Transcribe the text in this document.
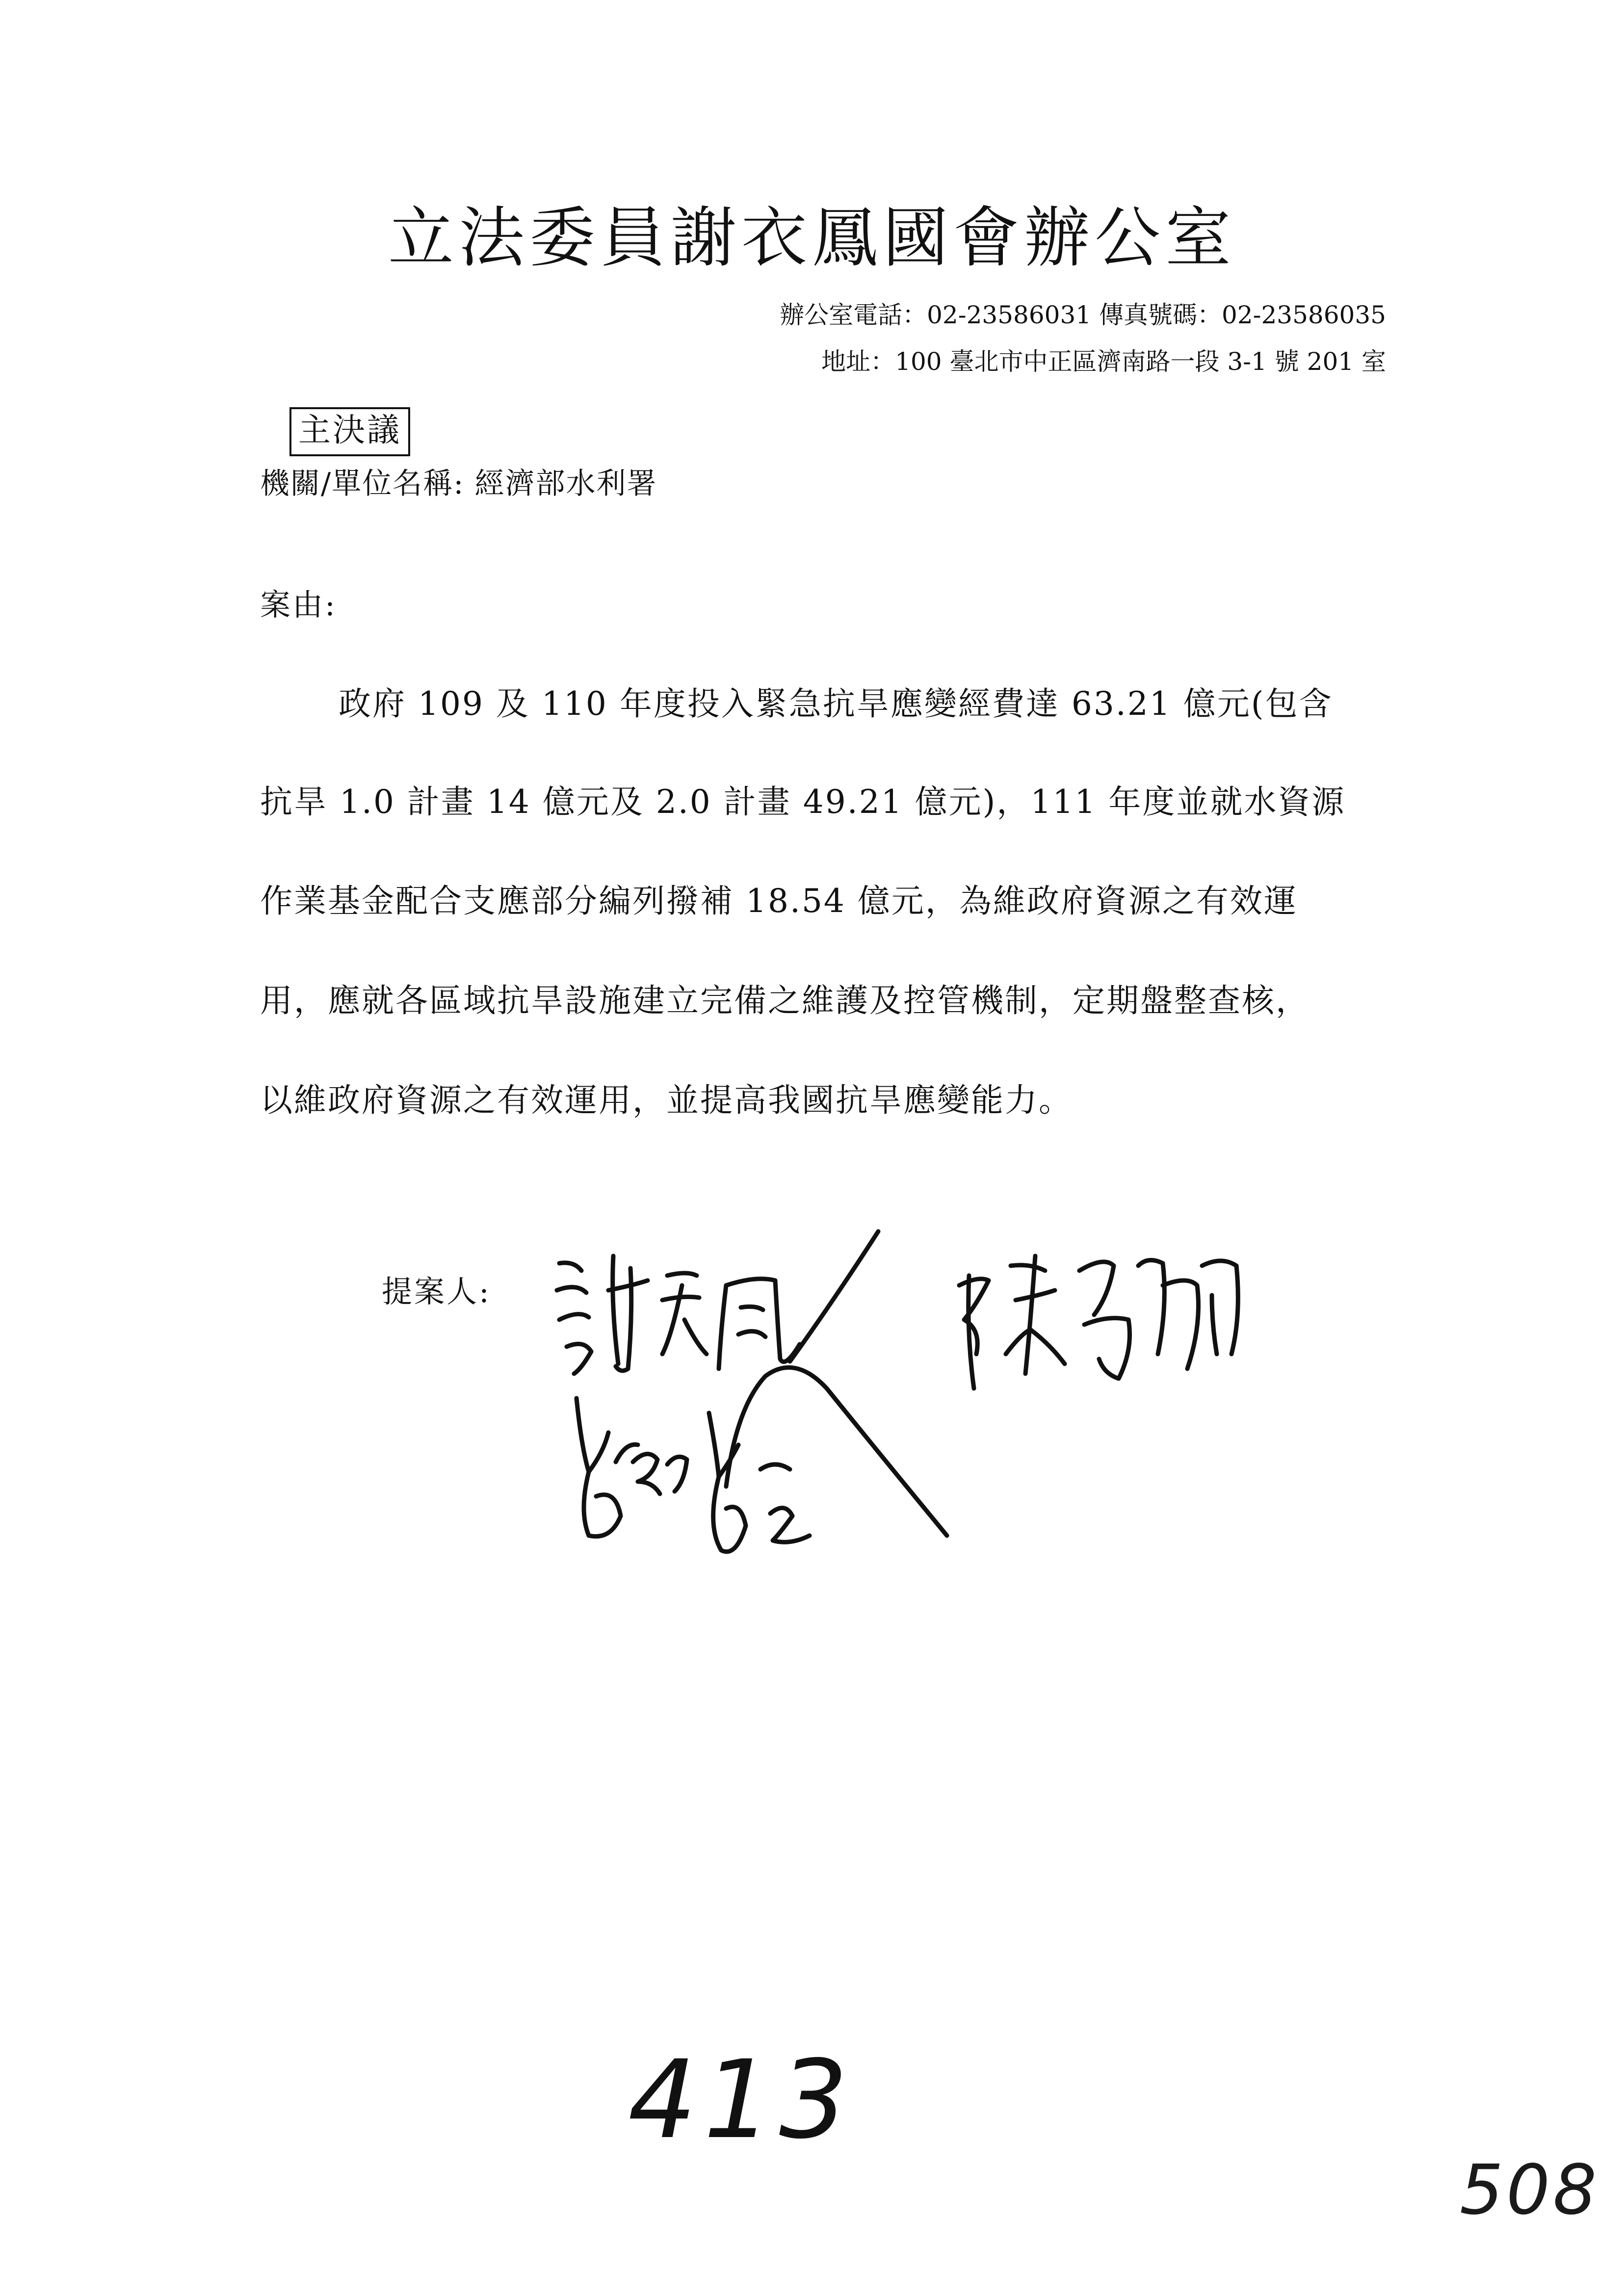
立法委員謝衣鳳國會辦公室
辦公室電話：02-23586031 傳真號碼：02-23586035
地址：100 臺北市中正區濟南路一段 3-1 號 201 室
主決議
機關/單位名稱: 經濟部水利署
案由:
政府 109 及 110 年度投入緊急抗旱應變經費達 63.21 億元(包含
抗旱 1.0 計畫 14 億元及 2.0 計畫 49.21 億元)，111 年度並就水資源
作業基金配合支應部分編列撥補 18.54 億元，為維政府資源之有效運
用，應就各區域抗旱設施建立完備之維護及控管機制，定期盤整查核，
以維政府資源之有效運用，並提高我國抗旱應變能力。
提案人:
413
508
